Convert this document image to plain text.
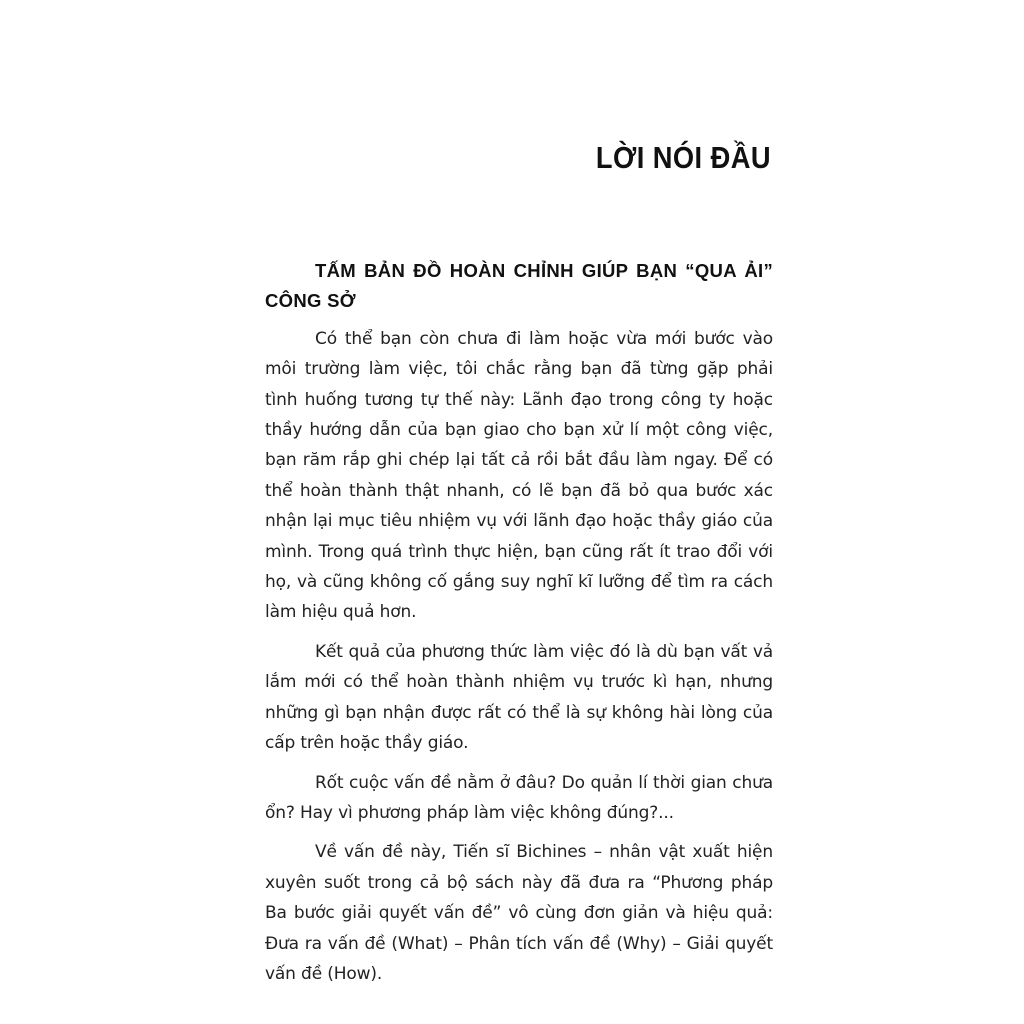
LỜI NÓI ĐẦU
TẤM BẢN ĐỒ HOÀN CHỈNH GIÚP BẠN “QUA ẢI” CÔNG SỞ

Có thể bạn còn chưa đi làm hoặc vừa mới bước vào môi trường làm việc, tôi chắc rằng bạn đã từng gặp phải tình huống tương tự thế này: Lãnh đạo trong công ty hoặc thầy hướng dẫn của bạn giao cho bạn xử lí một công việc, bạn răm rắp ghi chép lại tất cả rồi bắt đầu làm ngay. Để có thể hoàn thành thật nhanh, có lẽ bạn đã bỏ qua bước xác nhận lại mục tiêu nhiệm vụ với lãnh đạo hoặc thầy giáo của mình. Trong quá trình thực hiện, bạn cũng rất ít trao đổi với họ, và cũng không cố gắng suy nghĩ kĩ lưỡng để tìm ra cách làm hiệu quả hơn.

Kết quả của phương thức làm việc đó là dù bạn vất vả lắm mới có thể hoàn thành nhiệm vụ trước kì hạn, nhưng những gì bạn nhận được rất có thể là sự không hài lòng của cấp trên hoặc thầy giáo.

Rốt cuộc vấn đề nằm ở đâu? Do quản lí thời gian chưa ổn? Hay vì phương pháp làm việc không đúng?...

Về vấn đề này, Tiến sĩ Bichines – nhân vật xuất hiện xuyên suốt trong cả bộ sách này đã đưa ra “Phương pháp Ba bước giải quyết vấn đề” vô cùng đơn giản và hiệu quả: Đưa ra vấn đề (What) – Phân tích vấn đề (Why) – Giải quyết vấn đề (How).
